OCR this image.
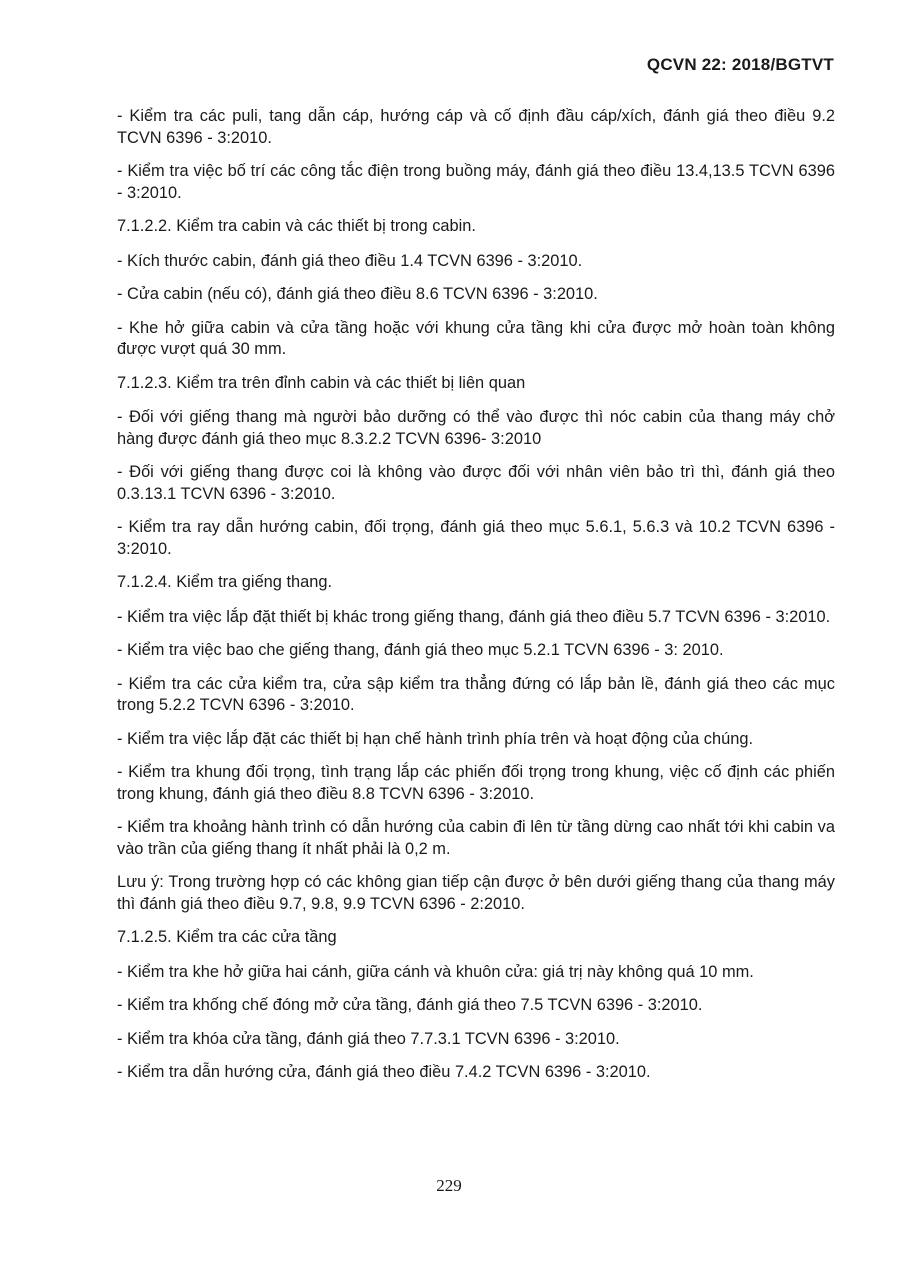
QCVN 22: 2018/BGTVT

- Kiểm tra các puli, tang dẫn cáp, hướng cáp và cố định đầu cáp/xích, đánh giá theo điều 9.2 TCVN 6396 - 3:2010.

- Kiểm tra việc bố trí các công tắc điện trong buồng máy, đánh giá theo điều 13.4,13.5 TCVN 6396 - 3:2010.

7.1.2.2. Kiểm tra cabin và các thiết bị trong cabin.

- Kích thước cabin, đánh giá theo điều 1.4 TCVN 6396 - 3:2010.

- Cửa cabin (nếu có), đánh giá theo điều 8.6 TCVN 6396 - 3:2010.

- Khe hở giữa cabin và cửa tầng hoặc với khung cửa tầng khi cửa được mở hoàn toàn không được vượt quá 30 mm.

7.1.2.3. Kiểm tra trên đỉnh cabin và các thiết bị liên quan

- Đối với giếng thang mà người bảo dưỡng có thể vào được thì nóc cabin của thang máy chở hàng được đánh giá theo mục 8.3.2.2 TCVN 6396- 3:2010

- Đối với giếng thang được coi là không vào được đối với nhân viên bảo trì thì, đánh giá theo 0.3.13.1 TCVN 6396 - 3:2010.

- Kiểm tra ray dẫn hướng cabin, đối trọng, đánh giá theo mục 5.6.1, 5.6.3 và 10.2 TCVN 6396 - 3:2010.

7.1.2.4. Kiểm tra giếng thang.

- Kiểm tra việc lắp đặt thiết bị khác trong giếng thang, đánh giá theo điều 5.7 TCVN 6396 - 3:2010.

- Kiểm tra việc bao che giếng thang, đánh giá theo mục 5.2.1 TCVN 6396 - 3: 2010.

- Kiểm tra các cửa kiểm tra, cửa sập kiểm tra thẳng đứng có lắp bản lề, đánh giá theo các mục trong 5.2.2 TCVN 6396 - 3:2010.

- Kiểm tra việc lắp đặt các thiết bị hạn chế hành trình phía trên và hoạt động của chúng.

- Kiểm tra khung đối trọng, tình trạng lắp các phiến đối trọng trong khung, việc cố định các phiến trong khung, đánh giá theo điều 8.8 TCVN 6396 - 3:2010.

- Kiểm tra khoảng hành trình có dẫn hướng của cabin đi lên từ tầng dừng cao nhất tới khi cabin va vào trần của giếng thang ít nhất phải là 0,2 m.

Lưu ý: Trong trường hợp có các không gian tiếp cận được ở bên dưới giếng thang của thang máy thì đánh giá theo điều 9.7, 9.8, 9.9 TCVN 6396 - 2:2010.

7.1.2.5. Kiểm tra các cửa tầng

- Kiểm tra khe hở giữa hai cánh, giữa cánh và khuôn cửa: giá trị này không quá 10 mm.

- Kiểm tra khống chế đóng mở cửa tầng, đánh giá theo 7.5 TCVN 6396 - 3:2010.

- Kiểm tra khóa cửa tầng, đánh giá theo 7.7.3.1 TCVN 6396 - 3:2010.

- Kiểm tra dẫn hướng cửa, đánh giá theo điều 7.4.2 TCVN 6396 - 3:2010.

229
